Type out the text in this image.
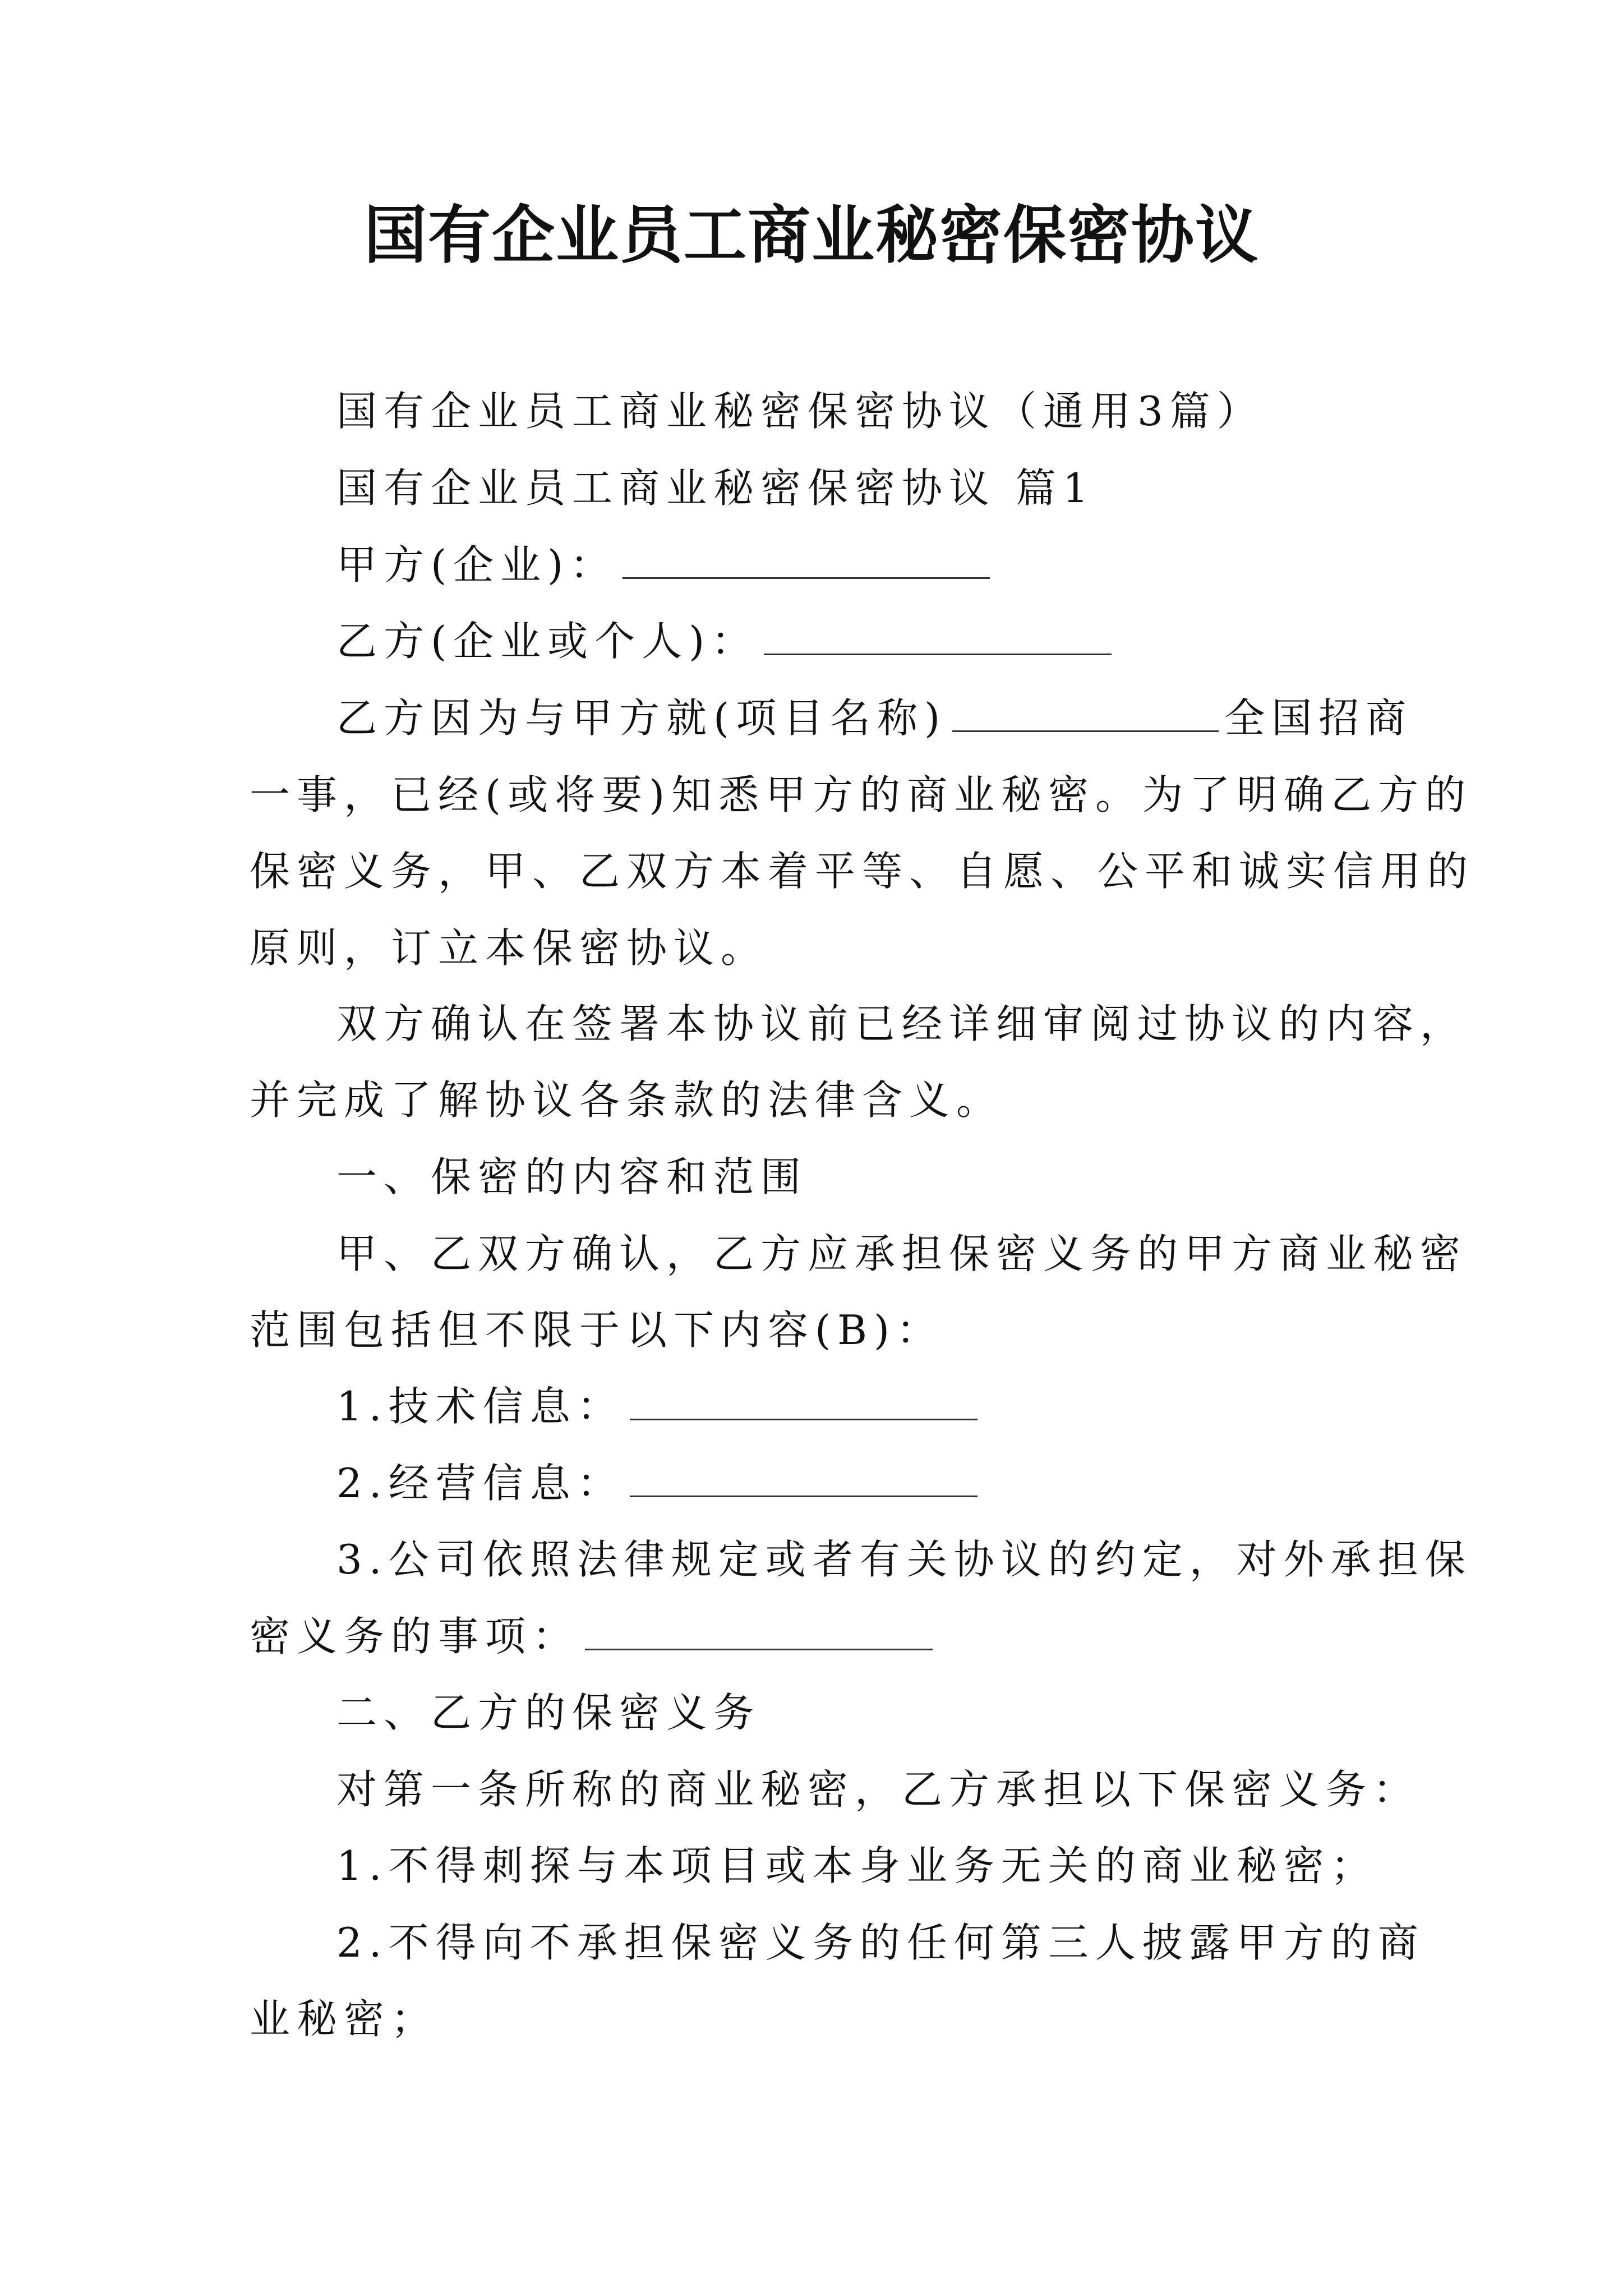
国有企业员工商业秘密保密协议
国有企业员工商业秘密保密协议（通用3篇）
国有企业员工商业秘密保密协议 篇1
甲方(企业)：
乙方(企业或个人)：
乙方因为与甲方就(项目名称)	全国招商
一事，已经(或将要)知悉甲方的商业秘密。为了明确乙方的
保密义务，甲、乙双方本着平等、自愿、公平和诚实信用的
原则，订立本保密协议。
双方确认在签署本协议前已经详细审阅过协议的内容，
并完成了解协议各条款的法律含义。
一、保密的内容和范围
甲、乙双方确认，乙方应承担保密义务的甲方商业秘密
范围包括但不限于以下内容(B)：
1.技术信息：
2.经营信息：
3.公司依照法律规定或者有关协议的约定，对外承担保
密义务的事项：
二、乙方的保密义务
对第一条所称的商业秘密，乙方承担以下保密义务：
1.不得刺探与本项目或本身业务无关的商业秘密；
2.不得向不承担保密义务的任何第三人披露甲方的商
业秘密；
